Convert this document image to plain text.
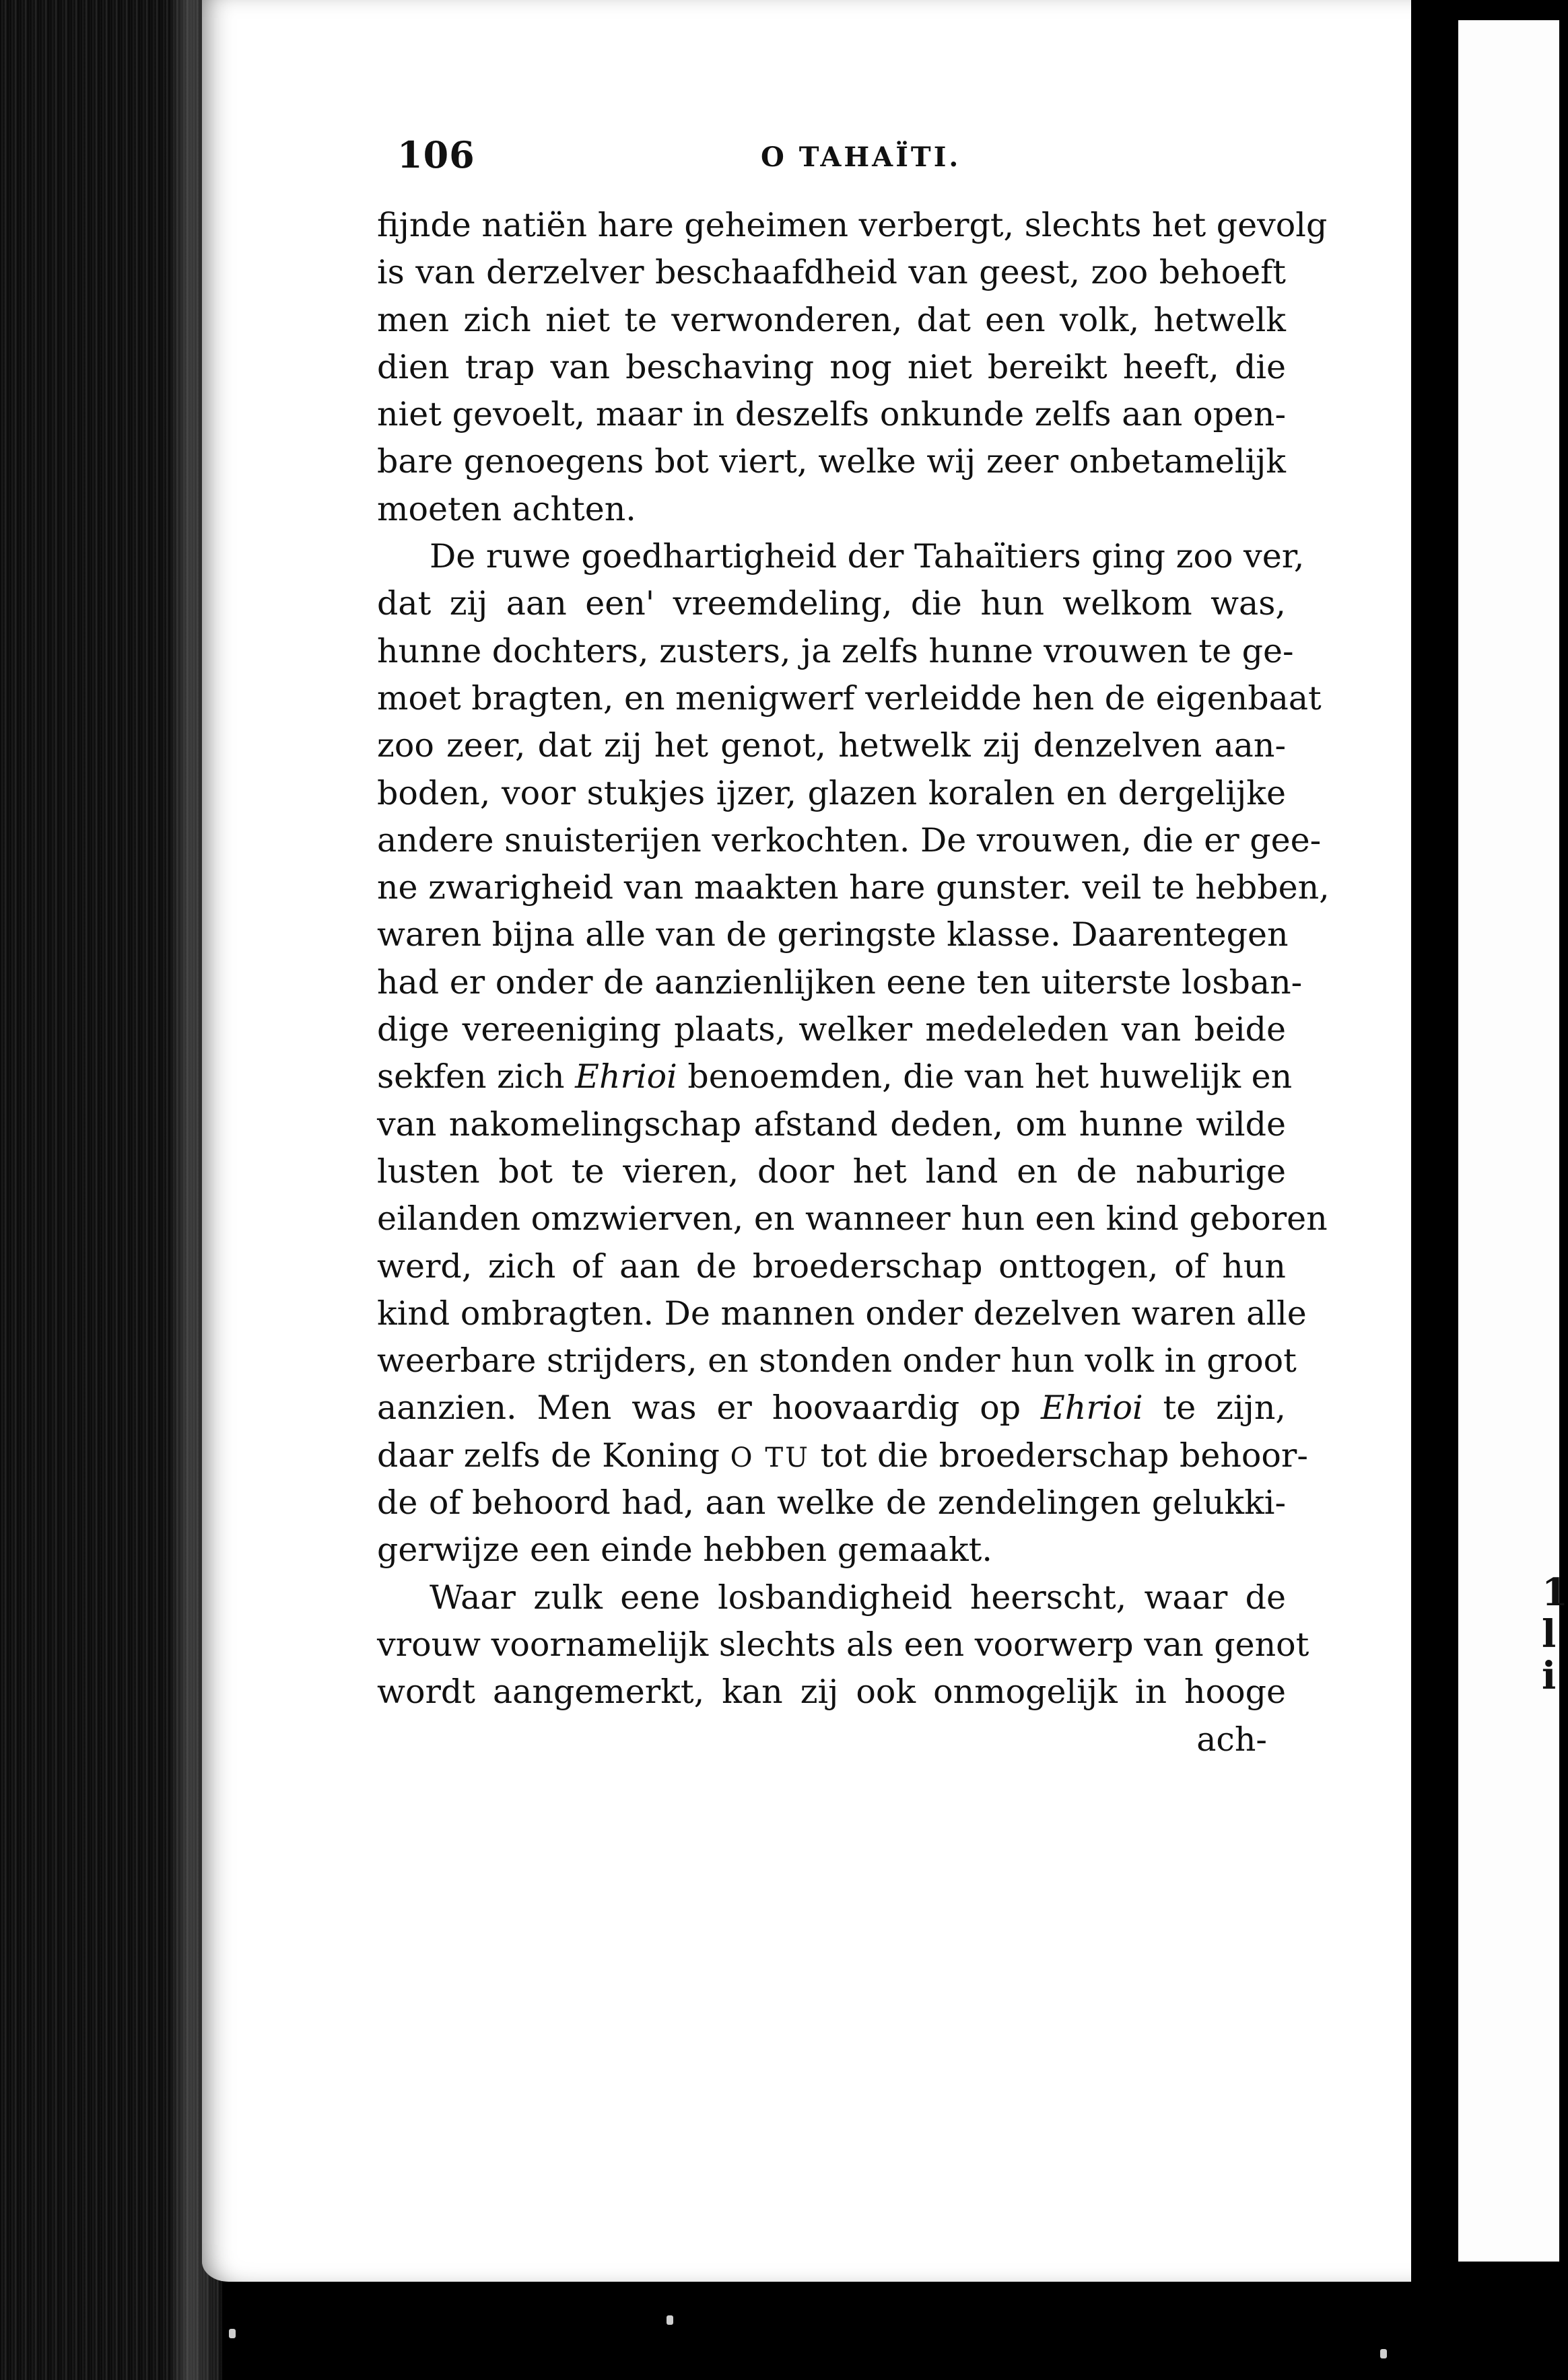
1
l
i
106	O TAHAÏTI.
fijnde natiën hare geheimen verbergt, slechts het gevolg
is van derzelver beschaafdheid van geest, zoo behoeft
men zich niet te verwonderen, dat een volk, hetwelk
dien trap van beschaving nog niet bereikt heeft, die
niet gevoelt, maar in deszelfs onkunde zelfs aan open-
bare genoegens bot viert, welke wij zeer onbetamelijk
moeten achten.
De ruwe goedhartigheid der Tahaïtiers ging zoo ver,
dat zij aan een' vreemdeling, die hun welkom was,
hunne dochters, zusters, ja zelfs hunne vrouwen te ge-
moet bragten, en menigwerf verleidde hen de eigenbaat
zoo zeer, dat zij het genot, hetwelk zij denzelven aan-
boden, voor stukjes ijzer, glazen koralen en dergelijke
andere snuisterijen verkochten. De vrouwen, die er gee-
ne zwarigheid van maakten hare gunster. veil te hebben,
waren bijna alle van de geringste klasse. Daarentegen
had er onder de aanzienlijken eene ten uiterste losban-
dige vereeniging plaats, welker medeleden van beide
sekfen zich Ehrioi benoemden, die van het huwelijk en
van nakomelingschap afstand deden, om hunne wilde
lusten bot te vieren, door het land en de naburige
eilanden omzwierven, en wanneer hun een kind geboren
werd, zich of aan de broederschap onttogen, of hun
kind ombragten. De mannen onder dezelven waren alle
weerbare strijders, en stonden onder hun volk in groot
aanzien. Men was er hoovaardig op Ehrioi te zijn,
daar zelfs de Koning O TU tot die broederschap behoor-
de of behoord had, aan welke de zendelingen gelukki-
gerwijze een einde hebben gemaakt.
Waar zulk eene losbandigheid heerscht, waar de
vrouw voornamelijk slechts als een voorwerp van genot
wordt aangemerkt, kan zij ook onmogelijk in hooge
ach-
